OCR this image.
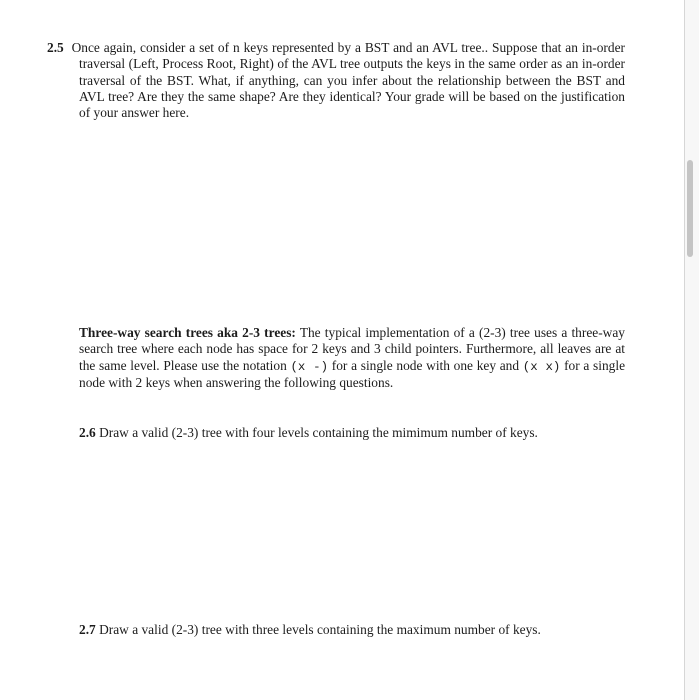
2.5 Once again, consider a set of n keys represented by a BST and an AVL tree.. Suppose that an in-order traversal (Left, Process Root, Right) of the AVL tree outputs the keys in the same order as an in-order traversal of the BST. What, if anything, can you infer about the relationship between the BST and AVL tree? Are they the same shape? Are they identical? Your grade will be based on the justification of your answer here.

Three-way search trees aka 2-3 trees: The typical implementation of a (2-3) tree uses a three-way search tree where each node has space for 2 keys and 3 child pointers. Furthermore, all leaves are at the same level. Please use the notation (x -) for a single node with one key and (x x) for a single node with 2 keys when answering the following questions.

2.6 Draw a valid (2-3) tree with four levels containing the mimimum number of keys.

2.7 Draw a valid (2-3) tree with three levels containing the maximum number of keys.
